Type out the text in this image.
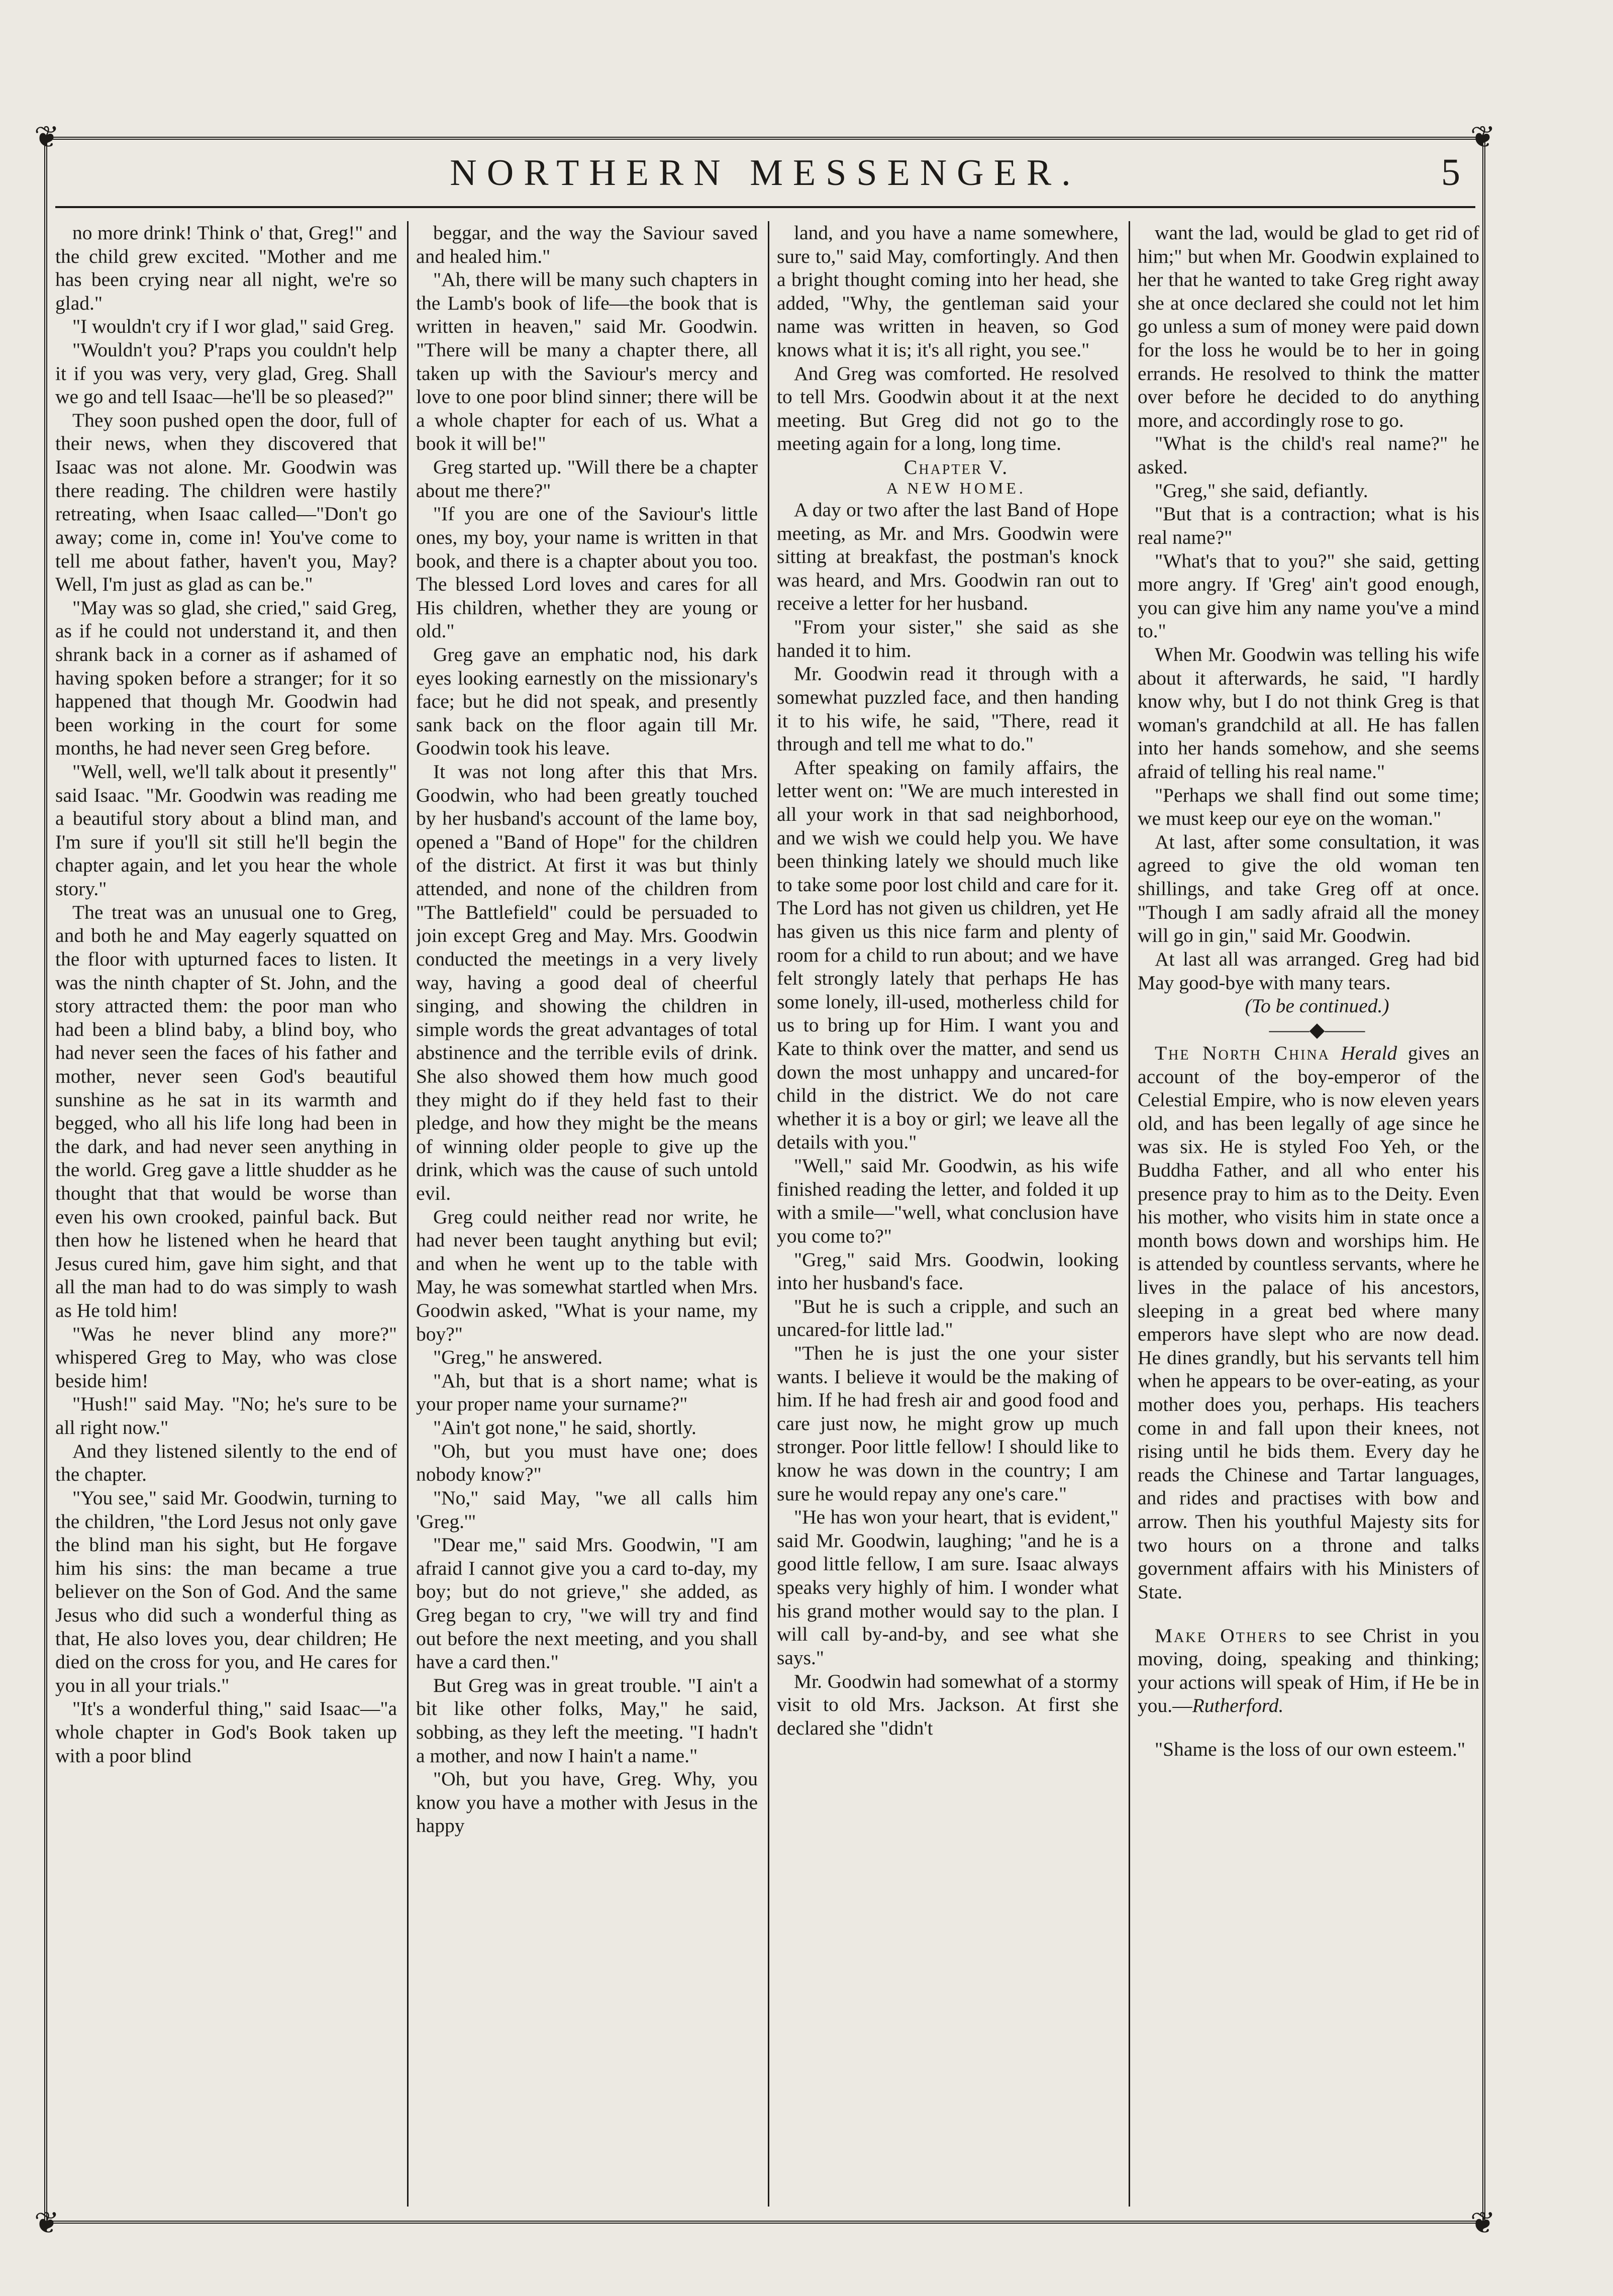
❦	❦
❦	❦
NORTHERN MESSENGER.	5

no more drink! Think o' that, Greg!" and the child grew excited. "Mother and me has been crying near all night, we're so glad."

"I wouldn't cry if I wor glad," said Greg.

"Wouldn't you? P'raps you couldn't help it if you was very, very glad, Greg. Shall we go and tell Isaac—he'll be so pleased?"

They soon pushed open the door, full of their news, when they discovered that Isaac was not alone. Mr. Goodwin was there reading. The children were hastily retreating, when Isaac called—"Don't go away; come in, come in! You've come to tell me about father, haven't you, May? Well, I'm just as glad as can be."

"May was so glad, she cried," said Greg, as if he could not understand it, and then shrank back in a corner as if ashamed of having spoken before a stranger; for it so happened that though Mr. Goodwin had been working in the court for some months, he had never seen Greg before.

"Well, well, we'll talk about it presently" said Isaac. "Mr. Goodwin was reading me a beautiful story about a blind man, and I'm sure if you'll sit still he'll begin the chapter again, and let you hear the whole story."

The treat was an unusual one to Greg, and both he and May eagerly squatted on the floor with upturned faces to listen. It was the ninth chapter of St. John, and the story attracted them: the poor man who had been a blind baby, a blind boy, who had never seen the faces of his father and mother, never seen God's beautiful sunshine as he sat in its warmth and begged, who all his life long had been in the dark, and had never seen anything in the world. Greg gave a little shudder as he thought that that would be worse than even his own crooked, painful back. But then how he listened when he heard that Jesus cured him, gave him sight, and that all the man had to do was simply to wash as He told him!

"Was he never blind any more?" whispered Greg to May, who was close beside him!

"Hush!" said May. "No; he's sure to be all right now."

And they listened silently to the end of the chapter.

"You see," said Mr. Goodwin, turning to the children, "the Lord Jesus not only gave the blind man his sight, but He forgave him his sins: the man became a true believer on the Son of God. And the same Jesus who did such a wonderful thing as that, He also loves you, dear children; He died on the cross for you, and He cares for you in all your trials."

"It's a wonderful thing," said Isaac—"a whole chapter in God's Book taken up with a poor blind

beggar, and the way the Saviour saved and healed him."

"Ah, there will be many such chapters in the Lamb's book of life—the book that is written in heaven," said Mr. Goodwin. "There will be many a chapter there, all taken up with the Saviour's mercy and love to one poor blind sinner; there will be a whole chapter for each of us. What a book it will be!"

Greg started up. "Will there be a chapter about me there?"

"If you are one of the Saviour's little ones, my boy, your name is written in that book, and there is a chapter about you too. The blessed Lord loves and cares for all His children, whether they are young or old."

Greg gave an emphatic nod, his dark eyes looking earnestly on the missionary's face; but he did not speak, and presently sank back on the floor again till Mr. Goodwin took his leave.

It was not long after this that Mrs. Goodwin, who had been greatly touched by her husband's account of the lame boy, opened a "Band of Hope" for the children of the district. At first it was but thinly attended, and none of the children from "The Battlefield" could be persuaded to join except Greg and May. Mrs. Goodwin conducted the meetings in a very lively way, having a good deal of cheerful singing, and showing the children in simple words the great advantages of total abstinence and the terrible evils of drink. She also showed them how much good they might do if they held fast to their pledge, and how they might be the means of winning older people to give up the drink, which was the cause of such untold evil.

Greg could neither read nor write, he had never been taught anything but evil; and when he went up to the table with May, he was somewhat startled when Mrs. Goodwin asked, "What is your name, my boy?"

"Greg," he answered.

"Ah, but that is a short name; what is your proper name your surname?"

"Ain't got none," he said, shortly.

"Oh, but you must have one; does nobody know?"

"No," said May, "we all calls him 'Greg.'"

"Dear me," said Mrs. Goodwin, "I am afraid I cannot give you a card to-day, my boy; but do not grieve," she added, as Greg began to cry, "we will try and find out before the next meeting, and you shall have a card then."

But Greg was in great trouble. "I ain't a bit like other folks, May," he said, sobbing, as they left the meeting. "I hadn't a mother, and now I hain't a name."

"Oh, but you have, Greg. Why, you know you have a mother with Jesus in the happy

land, and you have a name somewhere, sure to," said May, comfortingly. And then a bright thought coming into her head, she added, "Why, the gentleman said your name was written in heaven, so God knows what it is; it's all right, you see."

And Greg was comforted. He resolved to tell Mrs. Goodwin about it at the next meeting. But Greg did not go to the meeting again for a long, long time.

Chapter V.

A NEW HOME.

A day or two after the last Band of Hope meeting, as Mr. and Mrs. Goodwin were sitting at breakfast, the postman's knock was heard, and Mrs. Goodwin ran out to receive a letter for her husband.

"From your sister," she said as she handed it to him.

Mr. Goodwin read it through with a somewhat puzzled face, and then handing it to his wife, he said, "There, read it through and tell me what to do."

After speaking on family affairs, the letter went on: "We are much interested in all your work in that sad neighborhood, and we wish we could help you. We have been thinking lately we should much like to take some poor lost child and care for it. The Lord has not given us children, yet He has given us this nice farm and plenty of room for a child to run about; and we have felt strongly lately that perhaps He has some lonely, ill-used, motherless child for us to bring up for Him. I want you and Kate to think over the matter, and send us down the most unhappy and uncared-for child in the district. We do not care whether it is a boy or girl; we leave all the details with you."

"Well," said Mr. Goodwin, as his wife finished reading the letter, and folded it up with a smile—"well, what conclusion have you come to?"

"Greg," said Mrs. Goodwin, looking into her husband's face.

"But he is such a cripple, and such an uncared-for little lad."

"Then he is just the one your sister wants. I believe it would be the making of him. If he had fresh air and good food and care just now, he might grow up much stronger. Poor little fellow! I should like to know he was down in the country; I am sure he would repay any one's care."

"He has won your heart, that is evident," said Mr. Goodwin, laughing; "and he is a good little fellow, I am sure. Isaac always speaks very highly of him. I wonder what his grand mother would say to the plan. I will call by-and-by, and see what she says."

Mr. Goodwin had somewhat of a stormy visit to old Mrs. Jackson. At first she declared she "didn't

want the lad, would be glad to get rid of him;" but when Mr. Goodwin explained to her that he wanted to take Greg right away she at once declared she could not let him go unless a sum of money were paid down for the loss he would be to her in going errands. He resolved to think the matter over before he decided to do anything more, and accordingly rose to go.

"What is the child's real name?" he asked.

"Greg," she said, defiantly.

"But that is a contraction; what is his real name?"

"What's that to you?" she said, getting more angry. If 'Greg' ain't good enough, you can give him any name you've a mind to."

When Mr. Goodwin was telling his wife about it afterwards, he said, "I hardly know why, but I do not think Greg is that woman's grandchild at all. He has fallen into her hands somehow, and she seems afraid of telling his real name."

"Perhaps we shall find out some time; we must keep our eye on the woman."

At last, after some consultation, it was agreed to give the old woman ten shillings, and take Greg off at once. "Though I am sadly afraid all the money will go in gin," said Mr. Goodwin.

At last all was arranged. Greg had bid May good-bye with many tears.

(To be continued.)

——◆——

The North China Herald gives an account of the boy-emperor of the Celestial Empire, who is now eleven years old, and has been legally of age since he was six. He is styled Foo Yeh, or the Buddha Father, and all who enter his presence pray to him as to the Deity. Even his mother, who visits him in state once a month bows down and worships him. He is attended by countless servants, where he lives in the palace of his ancestors, sleeping in a great bed where many emperors have slept who are now dead. He dines grandly, but his servants tell him when he appears to be over-eating, as your mother does you, perhaps. His teachers come in and fall upon their knees, not rising until he bids them. Every day he reads the Chinese and Tartar languages, and rides and practises with bow and arrow. Then his youthful Majesty sits for two hours on a throne and talks government affairs with his Ministers of State.

Make Others to see Christ in you moving, doing, speaking and thinking; your actions will speak of Him, if He be in you.—Rutherford.

"Shame is the loss of our own esteem."
